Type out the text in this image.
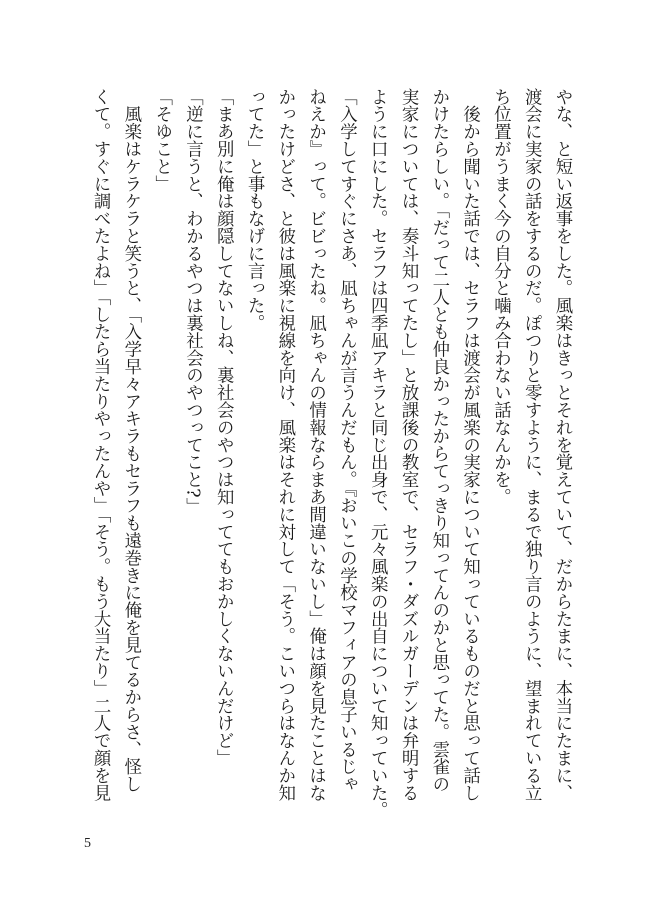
やな、と短い返事をした。風楽はきっとそれを覚えていて、だからたまに、本当にたまに、
渡会に実家の話をするのだ。ぽつりと零すように、まるで独り言のように、望まれている立
ち位置がうまく今の自分と噛み合わない話なんかを。
　後から聞いた話では、セラフは渡会が風楽の実家について知っているものだと思って話し
かけたらしい。「だって二人とも仲良かったからてっきり知ってんのかと思ってた。雲雀の
実家については、奏斗知ってたし」と放課後の教室で、セラフ・ダズルガーデンは弁明する
ように口にした。セラフは四季凪アキラと同じ出身で、元々風楽の出自について知っていた。
「入学してすぐにさあ、凪ちゃんが言うんだもん。『おいこの学校マフィアの息子いるじゃ
ねえか』って。ビビったね。凪ちゃんの情報ならまあ間違いないし」俺は顔を見たことはな
かったけどさ、と彼は風楽に視線を向け、風楽はそれに対して「そう。こいつらはなんか知
ってた」と事もなげに言った。
「まあ別に俺は顔隠してないしね、裏社会のやつは知っててもおかしくないんだけど」
「逆に言うと、わかるやつは裏社会のやつってこと?」
「そゆこと」
　風楽はケラケラと笑うと、「入学早々アキラもセラフも遠巻きに俺を見てるからさ、怪し
くて。すぐに調べたよね」「したら当たりやったんや」「そう。もう大当たり」二人で顔を見
5
